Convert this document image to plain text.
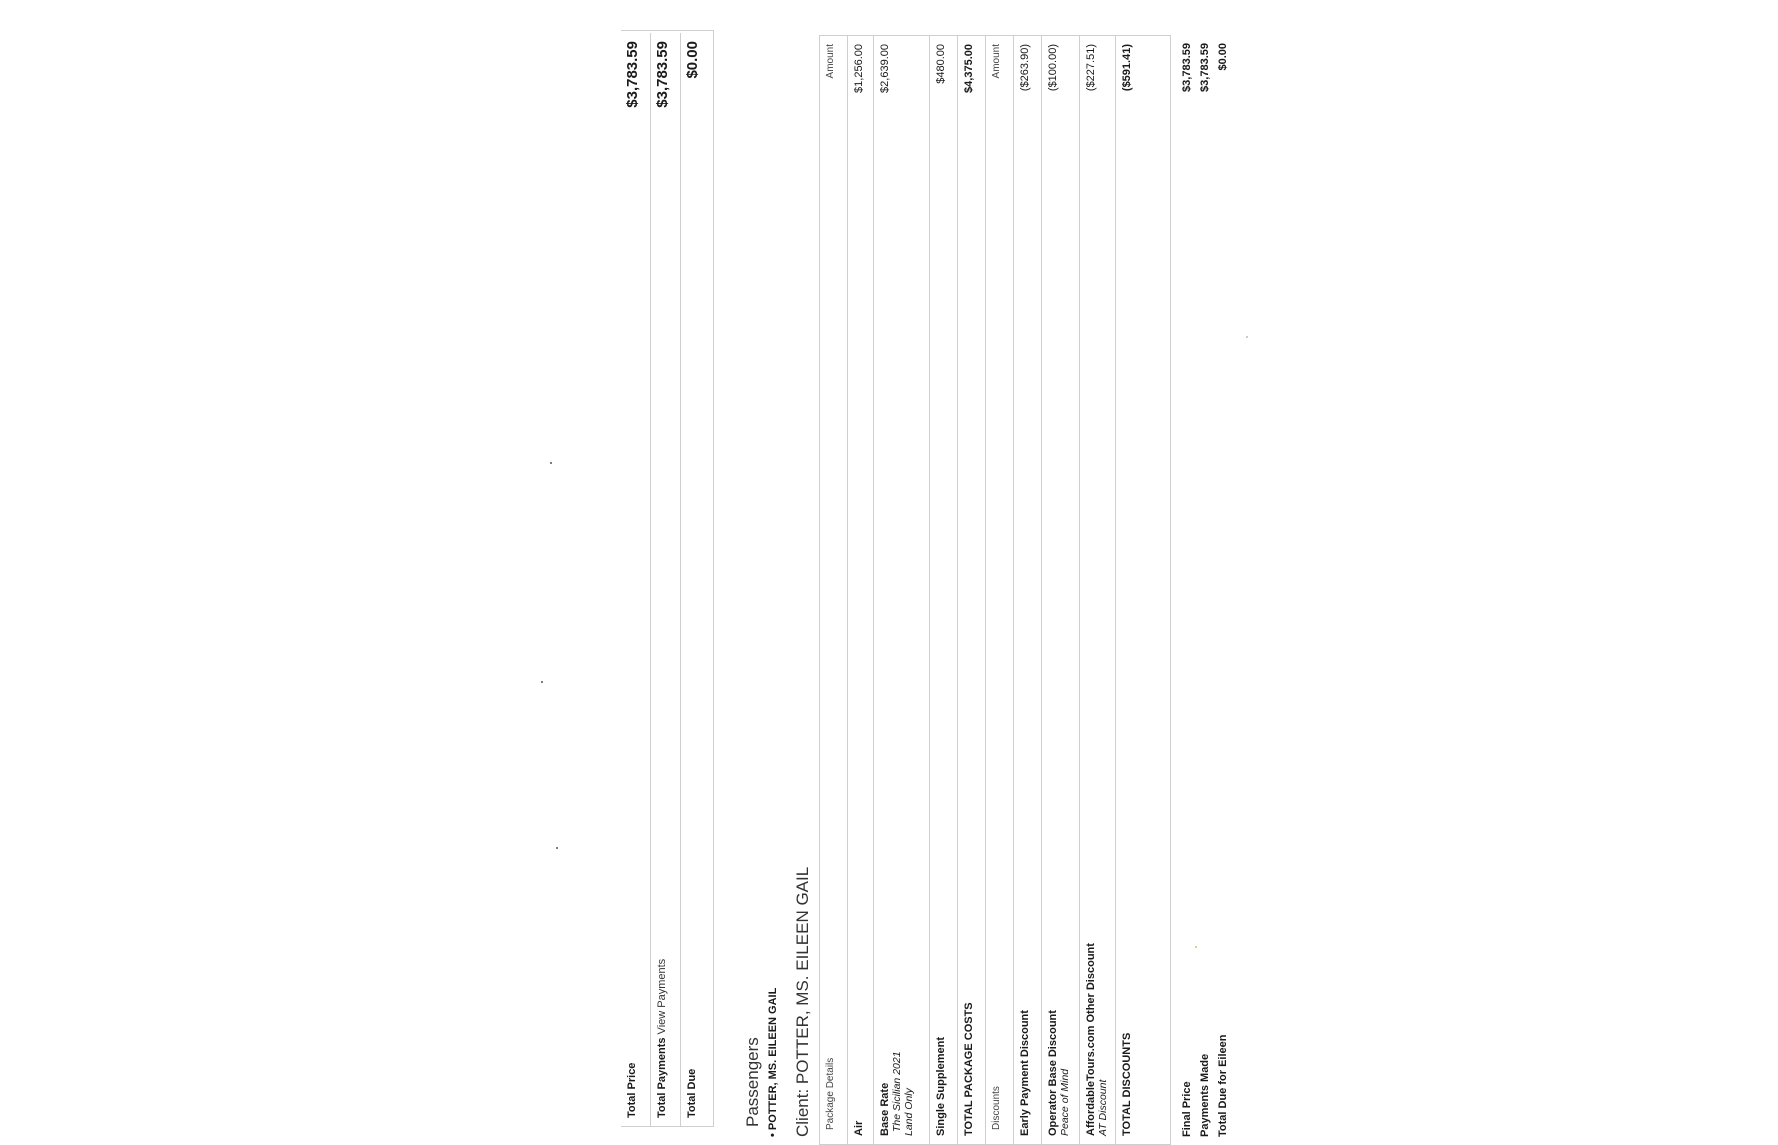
Total Price
$3,783.59
Total Payments View Payments
$3,783.59
Total Due
$0.00
Passengers
• POTTER, MS. EILEEN GAIL Client: POTTER, MS. EILEEN GAIL Package Details
Amount
Air
$1,256.00
Base Rate The Sicilian 2021 Land Only
$2,639.00
Single Supplement
$480.00
TOTAL PACKAGE COSTS
$4,375.00
Discounts
Amount
Early Payment Discount
($263.90)
Operator Base Discount Peace of Mind
($100.00)
AffordableTours.com Other Discount AT Discount
($227.51)
TOTAL DISCOUNTS
($591.41)
Final Price
$3,783.59
Payments Made
$3,783.59
Total Due for Eileen
$0.00
